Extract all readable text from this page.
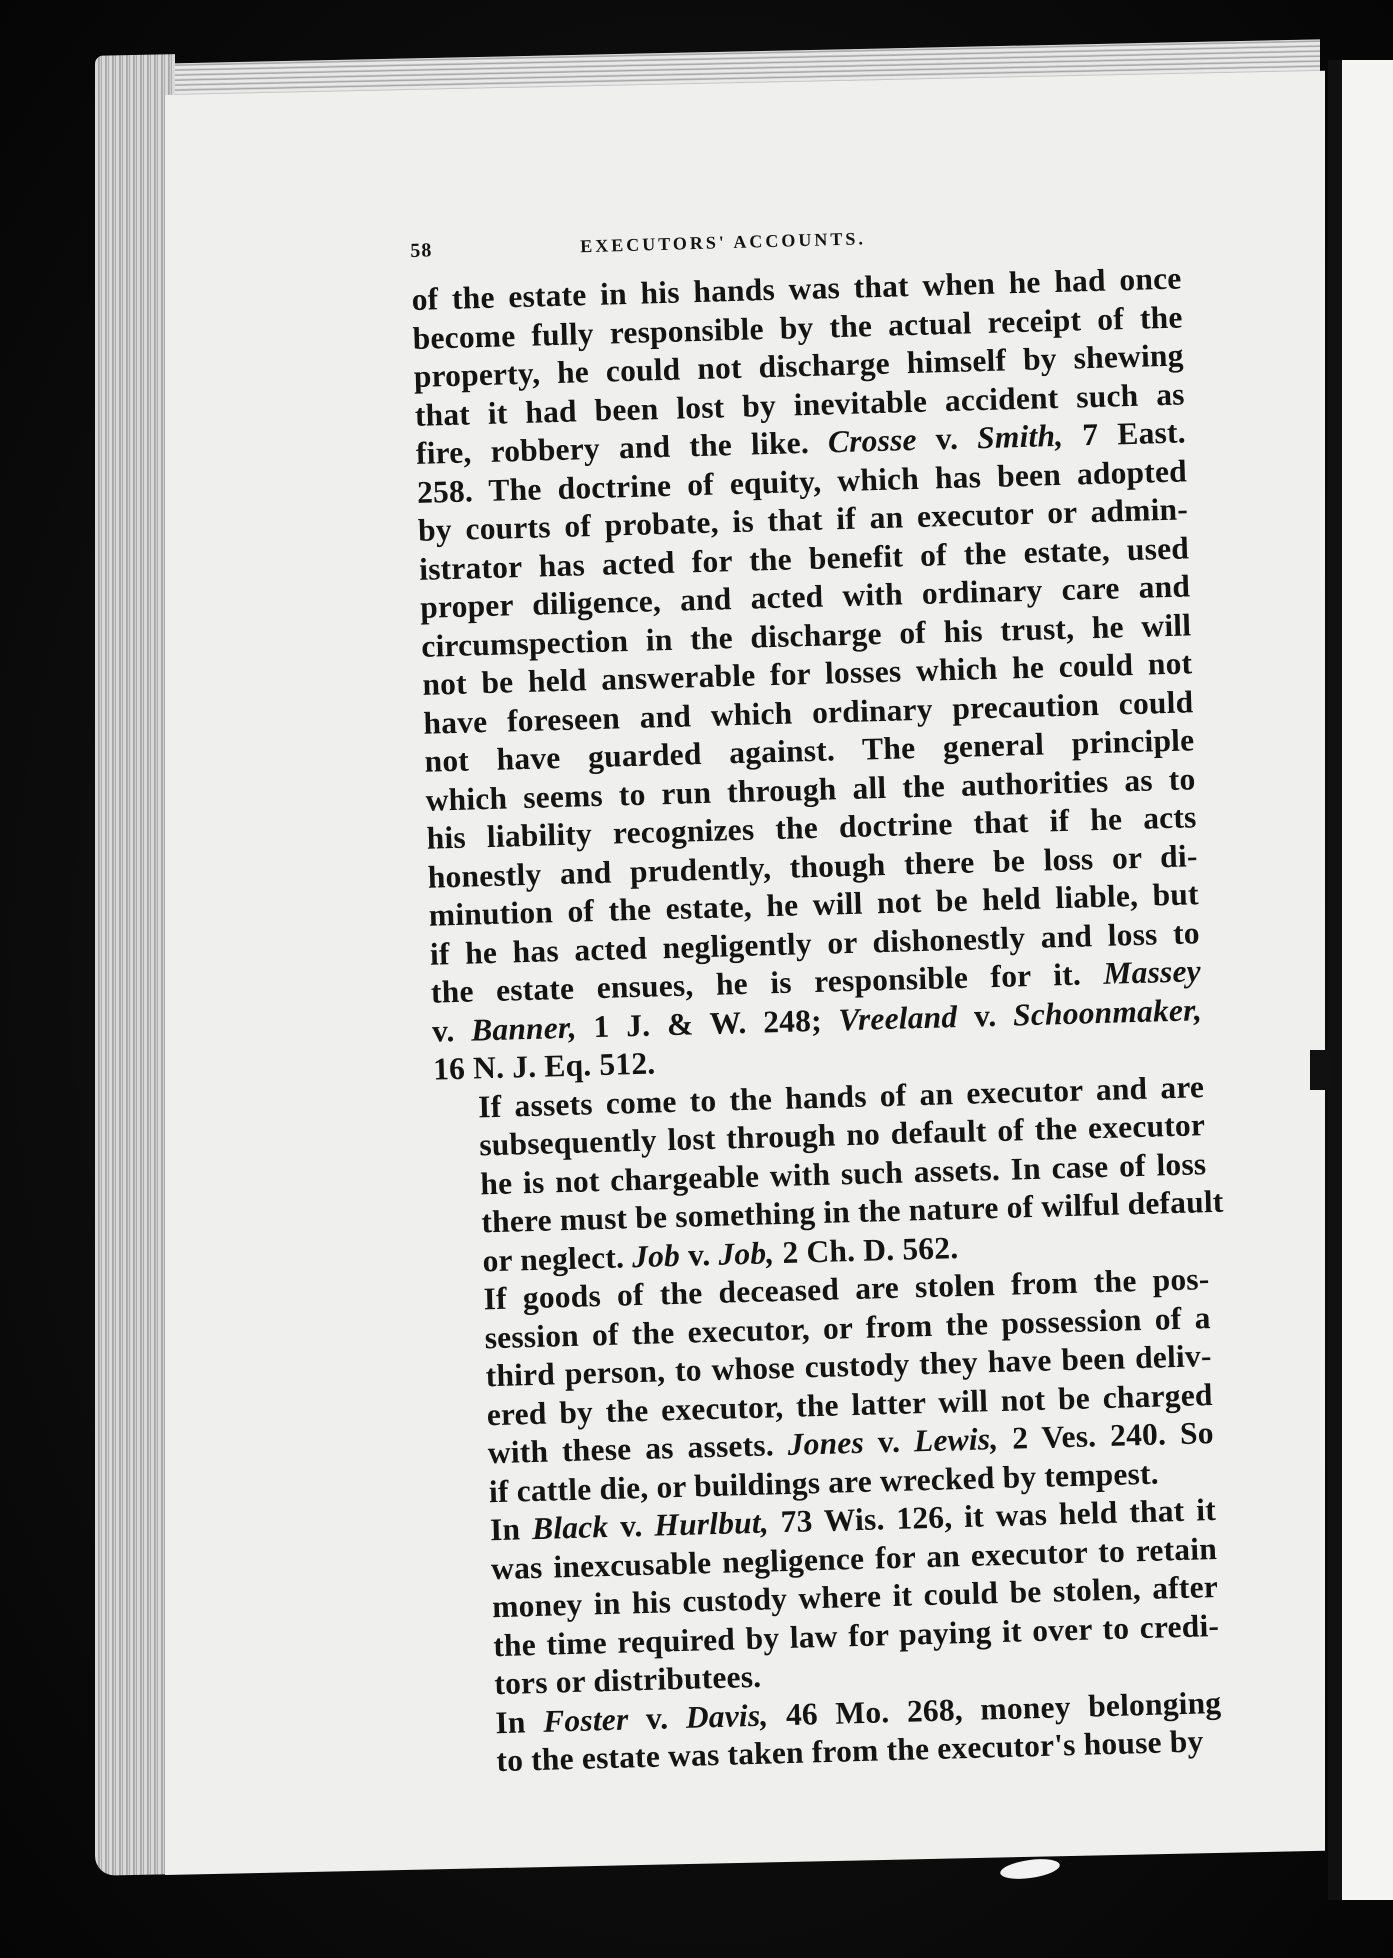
58	EXECUTORS' ACCOUNTS.

of the estate in his hands was that when he had once
become fully responsible by the actual receipt of the
property, he could not discharge himself by shewing
that it had been lost by inevitable accident such as
fire, robbery and the like. Crosse v. Smith, 7 East.
258. The doctrine of equity, which has been adopted
by courts of probate, is that if an executor or admin-
istrator has acted for the benefit of the estate, used
proper diligence, and acted with ordinary care and
circumspection in the discharge of his trust, he will
not be held answerable for losses which he could not
have foreseen and which ordinary precaution could
not have guarded against. The general principle
which seems to run through all the authorities as to
his liability recognizes the doctrine that if he acts
honestly and prudently, though there be loss or di-
minution of the estate, he will not be held liable, but
if he has acted negligently or dishonestly and loss to
the estate ensues, he is responsible for it. Massey
v. Banner, 1 J. & W. 248; Vreeland v. Schoonmaker,
16 N. J. Eq. 512.

If assets come to the hands of an executor and are
subsequently lost through no default of the executor
he is not chargeable with such assets. In case of loss
there must be something in the nature of wilful default
or neglect. Job v. Job, 2 Ch. D. 562.

If goods of the deceased are stolen from the pos-
session of the executor, or from the possession of a
third person, to whose custody they have been deliv-
ered by the executor, the latter will not be charged
with these as assets. Jones v. Lewis, 2 Ves. 240. So
if cattle die, or buildings are wrecked by tempest.

In Black v. Hurlbut, 73 Wis. 126, it was held that it
was inexcusable negligence for an executor to retain
money in his custody where it could be stolen, after
the time required by law for paying it over to credi-
tors or distributees.

In Foster v. Davis, 46 Mo. 268, money belonging
to the estate was taken from the executor's house by
